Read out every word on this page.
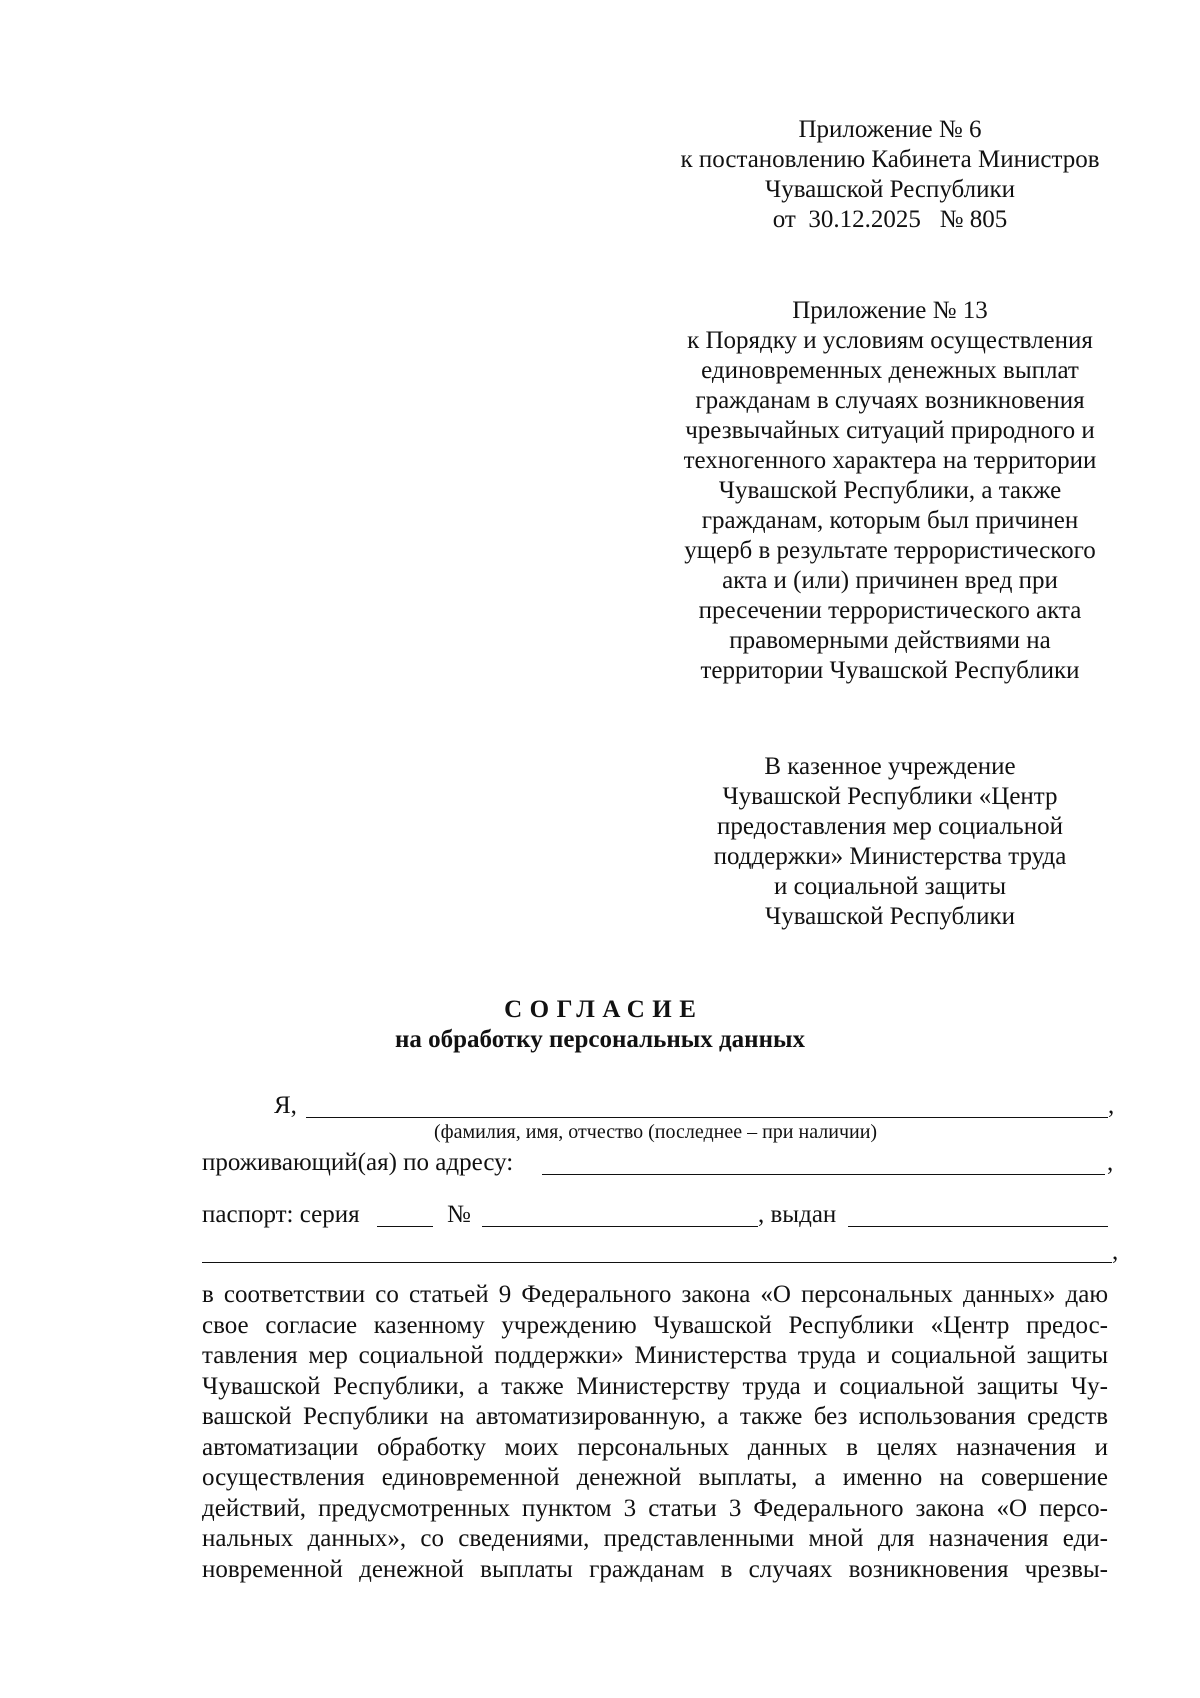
Приложение № 6
к постановлению Кабинета Министров
Чувашской Республики
от  30.12.2025   № 805
Приложение № 13
к Порядку и условиям осуществления
единовременных денежных выплат
гражданам в случаях возникновения
чрезвычайных ситуаций природного и
техногенного характера на территории
Чувашской Республики, а также
гражданам, которым был причинен
ущерб в результате террористического
акта и (или) причинен вред при
пресечении террористического акта
правомерными действиями на
территории Чувашской Республики
В казенное учреждение
Чувашской Республики «Центр
предоставления мер социальной
поддержки» Министерства труда
и социальной защиты
Чувашской Республики
СОГЛАСИЕ
на обработку персональных данных
Я,	,
(фамилия, имя, отчество (последнее – при наличии)
проживающий(ая) по адресу:	,
паспорт: серия	№	, выдан
,
в соответствии со статьей 9 Федерального закона «О персональных данных» даю
свое согласие казенному учреждению Чувашской Республики «Центр предос-
тавления мер социальной поддержки» Министерства труда и социальной защиты
Чувашской Республики, а также Министерству труда и социальной защиты Чу-
вашской Республики на автоматизированную, а также без использования средств
автоматизации обработку моих персональных данных в целях назначения и
осуществления единовременной денежной выплаты, а именно на совершение
действий, предусмотренных пунктом 3 статьи 3 Федерального закона «О персо-
нальных данных», со сведениями, представленными мной для назначения еди-
новременной денежной выплаты гражданам в случаях возникновения чрезвы-
